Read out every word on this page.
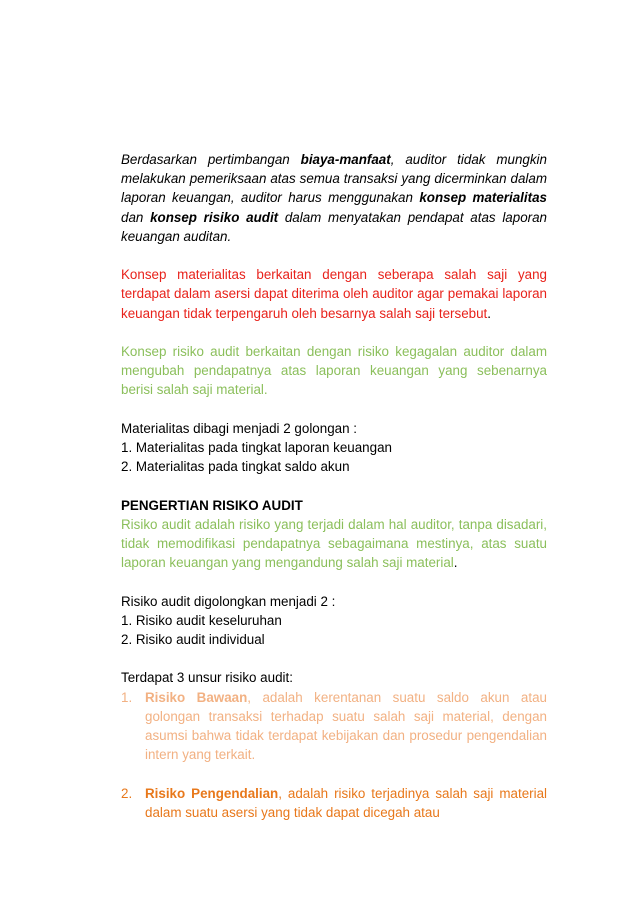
Berdasarkan pertimbangan biaya-manfaat, auditor tidak mungkin melakukan pemeriksaan atas semua transaksi yang dicerminkan dalam laporan keuangan, auditor harus menggunakan konsep materialitas dan konsep risiko audit dalam menyatakan pendapat atas laporan keuangan auditan.

Konsep materialitas berkaitan dengan seberapa salah saji yang terdapat dalam asersi dapat diterima oleh auditor agar pemakai laporan keuangan tidak terpengaruh oleh besarnya salah saji tersebut.

Konsep risiko audit berkaitan dengan risiko kegagalan auditor dalam mengubah pendapatnya atas laporan keuangan yang sebenarnya berisi salah saji material.

Materialitas dibagi menjadi 2 golongan :

1. Materialitas pada tingkat laporan keuangan

2. Materialitas pada tingkat saldo akun

PENGERTIAN RISIKO AUDIT

Risiko audit adalah risiko yang terjadi dalam hal auditor, tanpa disadari, tidak memodifikasi pendapatnya sebagaimana mestinya, atas suatu laporan keuangan yang mengandung salah saji material.

Risiko audit digolongkan menjadi 2 :

1. Risiko audit keseluruhan

2. Risiko audit individual

Terdapat 3 unsur risiko audit:

1. Risiko Bawaan, adalah kerentanan suatu saldo akun atau golongan transaksi terhadap suatu salah saji material, dengan asumsi bahwa tidak terdapat kebijakan dan prosedur pengendalian intern yang terkait.

2. Risiko Pengendalian, adalah risiko terjadinya salah saji material dalam suatu asersi yang tidak dapat dicegah atau
